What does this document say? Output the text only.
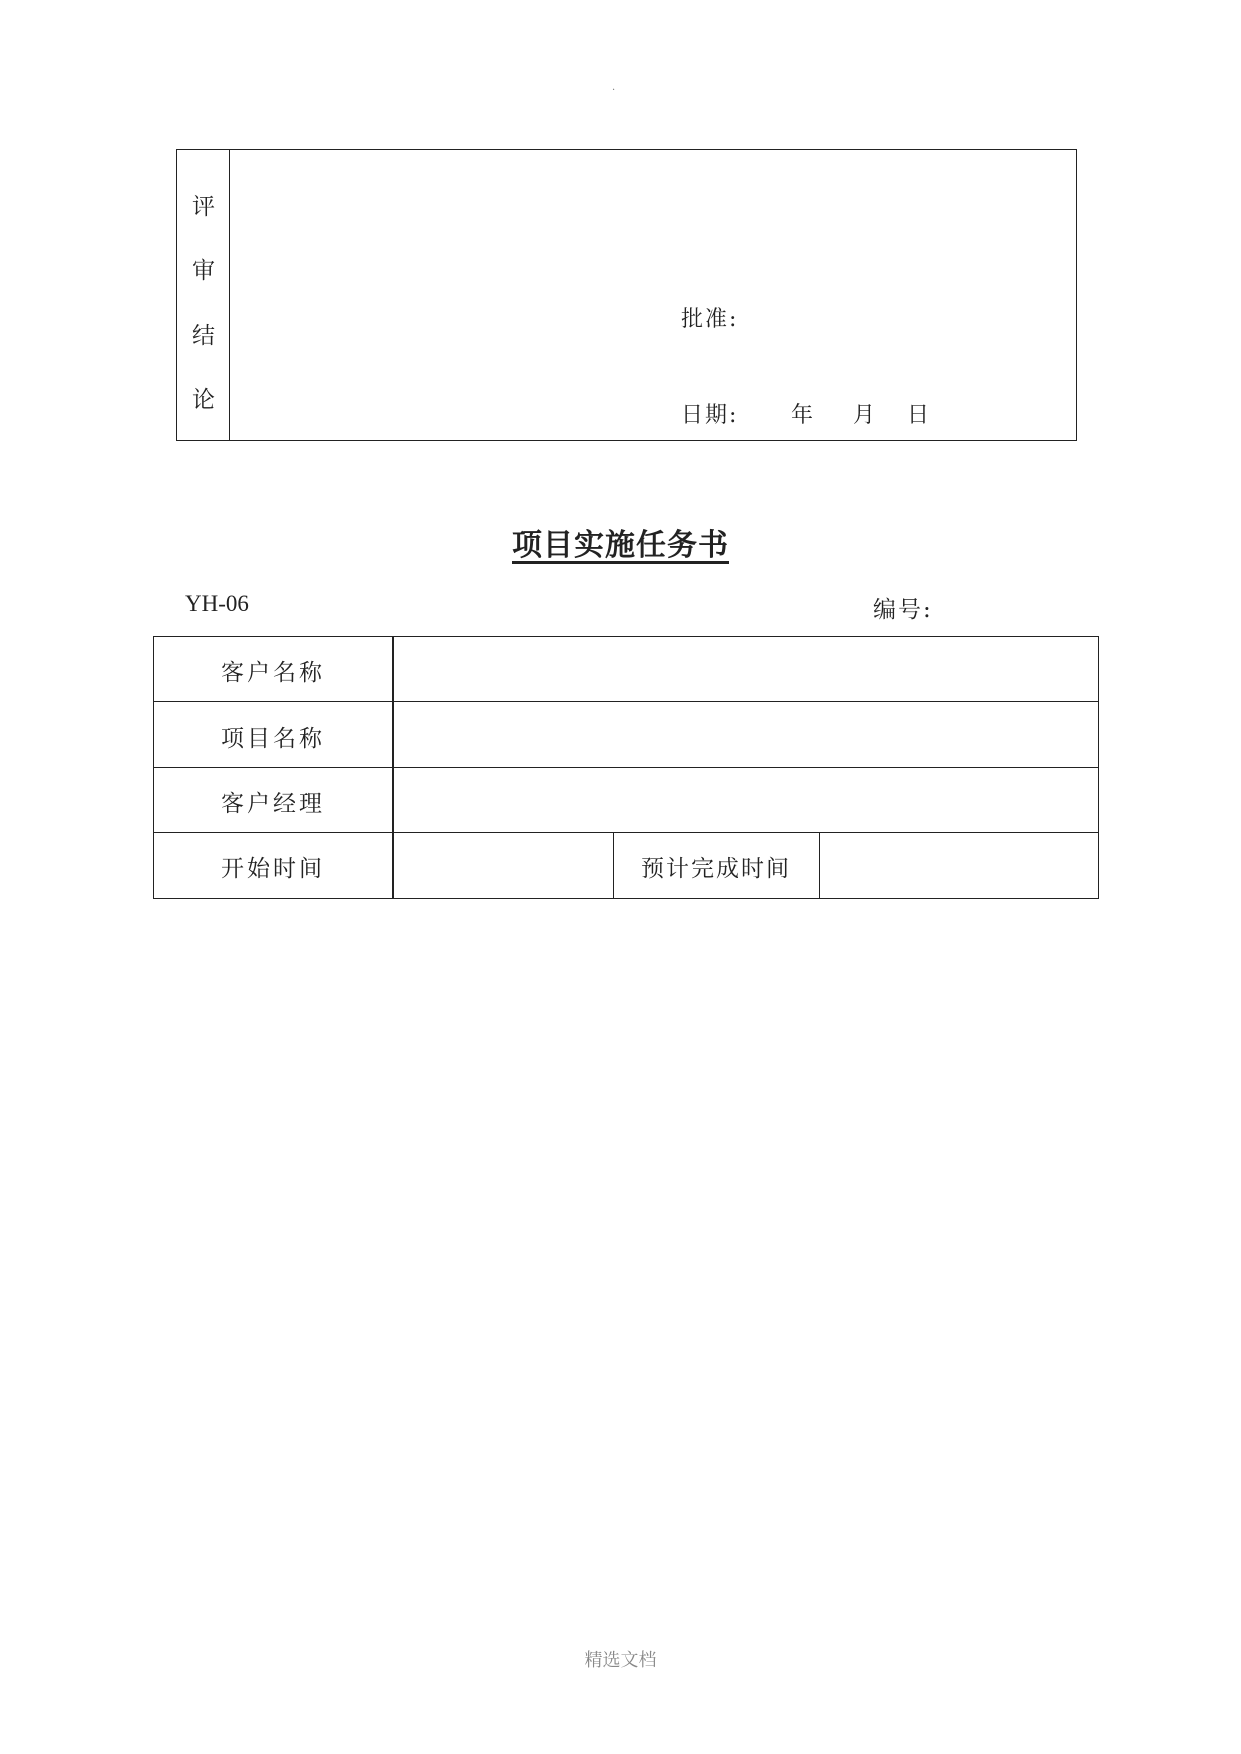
.
评
审
结
论
批准:
日期: 年 月 日
项目实施任务书
YH-06	编号:
客户名称
项目名称
客户经理
开始时间	预计完成时间
精选文档
